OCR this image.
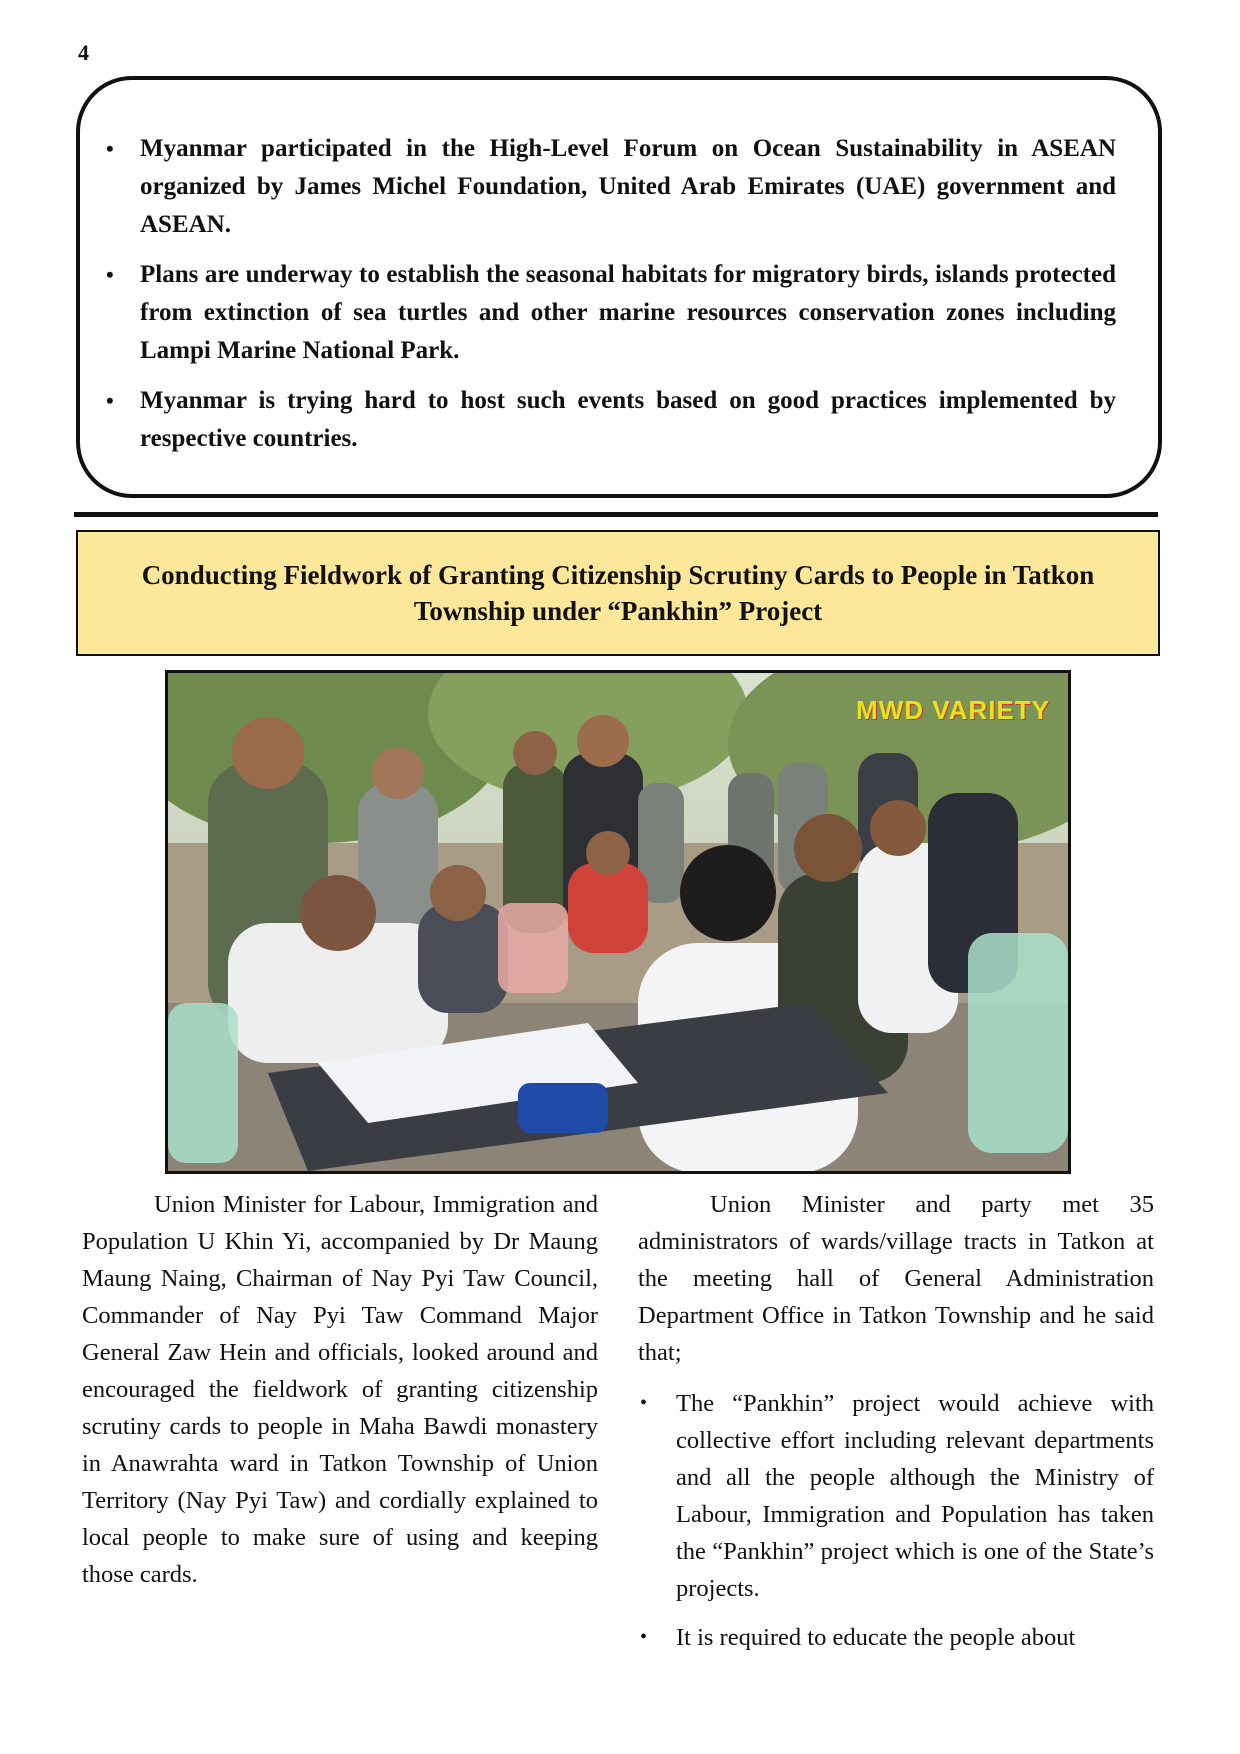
4
• Myanmar participated in the High-Level Forum on Ocean Sustainability in ASEAN organized by James Michel Foundation, United Arab Emirates (UAE) government and ASEAN.
• Plans are underway to establish the seasonal habitats for migratory birds, islands protected from extinction of sea turtles and other marine resources conservation zones including Lampi Marine National Park.
• Myanmar is trying hard to host such events based on good practices implemented by respective countries.
Conducting Fieldwork of Granting Citizenship Scrutiny Cards to People in Tatkon Township under “Pankhin” Project
MWD VARIETY

Union Minister for Labour, Immigration and Population U Khin Yi, accompanied by Dr Maung Maung Naing, Chairman of Nay Pyi Taw Council, Commander of Nay Pyi Taw Command Major General Zaw Hein and officials, looked around and encouraged the fieldwork of granting citizenship scrutiny cards to people in Maha Bawdi monastery in Anawrahta ward in Tatkon Township of Union Territory (Nay Pyi Taw) and cordially explained to local people to make sure of using and keeping those cards.

Union Minister and party met 35 administrators of wards/village tracts in Tatkon at the meeting hall of General Administration Department Office in Tatkon Township and he said that;

• The “Pankhin” project would achieve with collective effort including relevant departments and all the people although the Ministry of Labour, Immigration and Population has taken the “Pankhin” project which is one of the State’s projects.
• It is required to educate the people about
